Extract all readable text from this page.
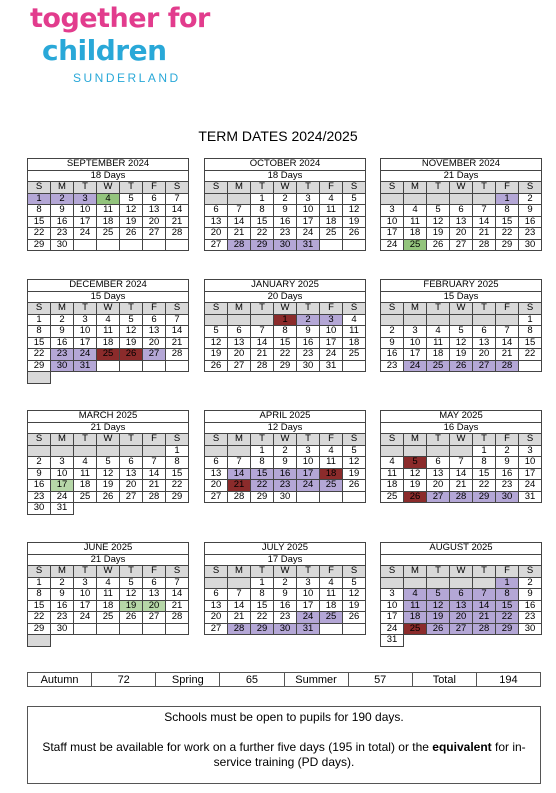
together for
children
SUNDERLAND
TERM DATES 2024/2025
SEPTEMBER 2024						
18 Days						
S	M	T	W	T	F	S
1	2	3	4	5	6	7
8	9	10	11	12	13	14
15	16	17	18	19	20	21
22	23	24	25	26	27	28
29	30					
OCTOBER 2024						
18 Days						
S	M	T	W	T	F	S
		1	2	3	4	5
6	7	8	9	10	11	12
13	14	15	16	17	18	19
20	21	22	23	24	25	26
27	28	29	30	31		
NOVEMBER 2024						
21 Days						
S	M	T	W	T	F	S
					1	2
3	4	5	6	7	8	9
10	11	12	13	14	15	16
17	18	19	20	21	22	23
24	25	26	27	28	29	30
DECEMBER 2024						
15 Days						
S	M	T	W	T	F	S
1	2	3	4	5	6	7
8	9	10	11	12	13	14
15	16	17	18	19	20	21
22	23	24	25	26	27	28
29	30	31				

JANUARY 2025						
20 Days						
S	M	T	W	T	F	S
			1	2	3	4
5	6	7	8	9	10	11
12	13	14	15	16	17	18
19	20	21	22	23	24	25
26	27	28	29	30	31	
FEBRUARY 2025						
15 Days						
S	M	T	W	T	F	S
						1
2	3	4	5	6	7	8
9	10	11	12	13	14	15
16	17	18	19	20	21	22
23	24	25	26	27	28	
MARCH 2025						
21 Days						
S	M	T	W	T	F	S
						1
2	3	4	5	6	7	8
9	10	11	12	13	14	15
16	17	18	19	20	21	22
23	24	25	26	27	28	29
30	31					
APRIL 2025						
12 Days						
S	M	T	W	T	F	S
		1	2	3	4	5
6	7	8	9	10	11	12
13	14	15	16	17	18	19
20	21	22	23	24	25	26
27	28	29	30			
MAY 2025						
16 Days						
S	M	T	W	T	F	S
				1	2	3
4	5	6	7	8	9	10
11	12	13	14	15	16	17
18	19	20	21	22	23	24
25	26	27	28	29	30	31
JUNE 2025						
21 Days						
S	M	T	W	T	F	S
1	2	3	4	5	6	7
8	9	10	11	12	13	14
15	16	17	18	19	20	21
22	23	24	25	26	27	28
29	30					

JULY 2025						
17 Days						
S	M	T	W	T	F	S
		1	2	3	4	5
6	7	8	9	10	11	12
13	14	15	16	17	18	19
20	21	22	23	24	25	26
27	28	29	30	31		
AUGUST 2025						

S	M	T	W	T	F	S
					1	2
3	4	5	6	7	8	9
10	11	12	13	14	15	16
17	18	19	20	21	22	23
24	25	26	27	28	29	30
31						
Autumn	72	Spring	65	Summer	57	Total	194

Schools must be open to pupils for 190 days.

Staff must be available for work on a further five days (195 in total) or the equivalent for in-service training (PD days).
